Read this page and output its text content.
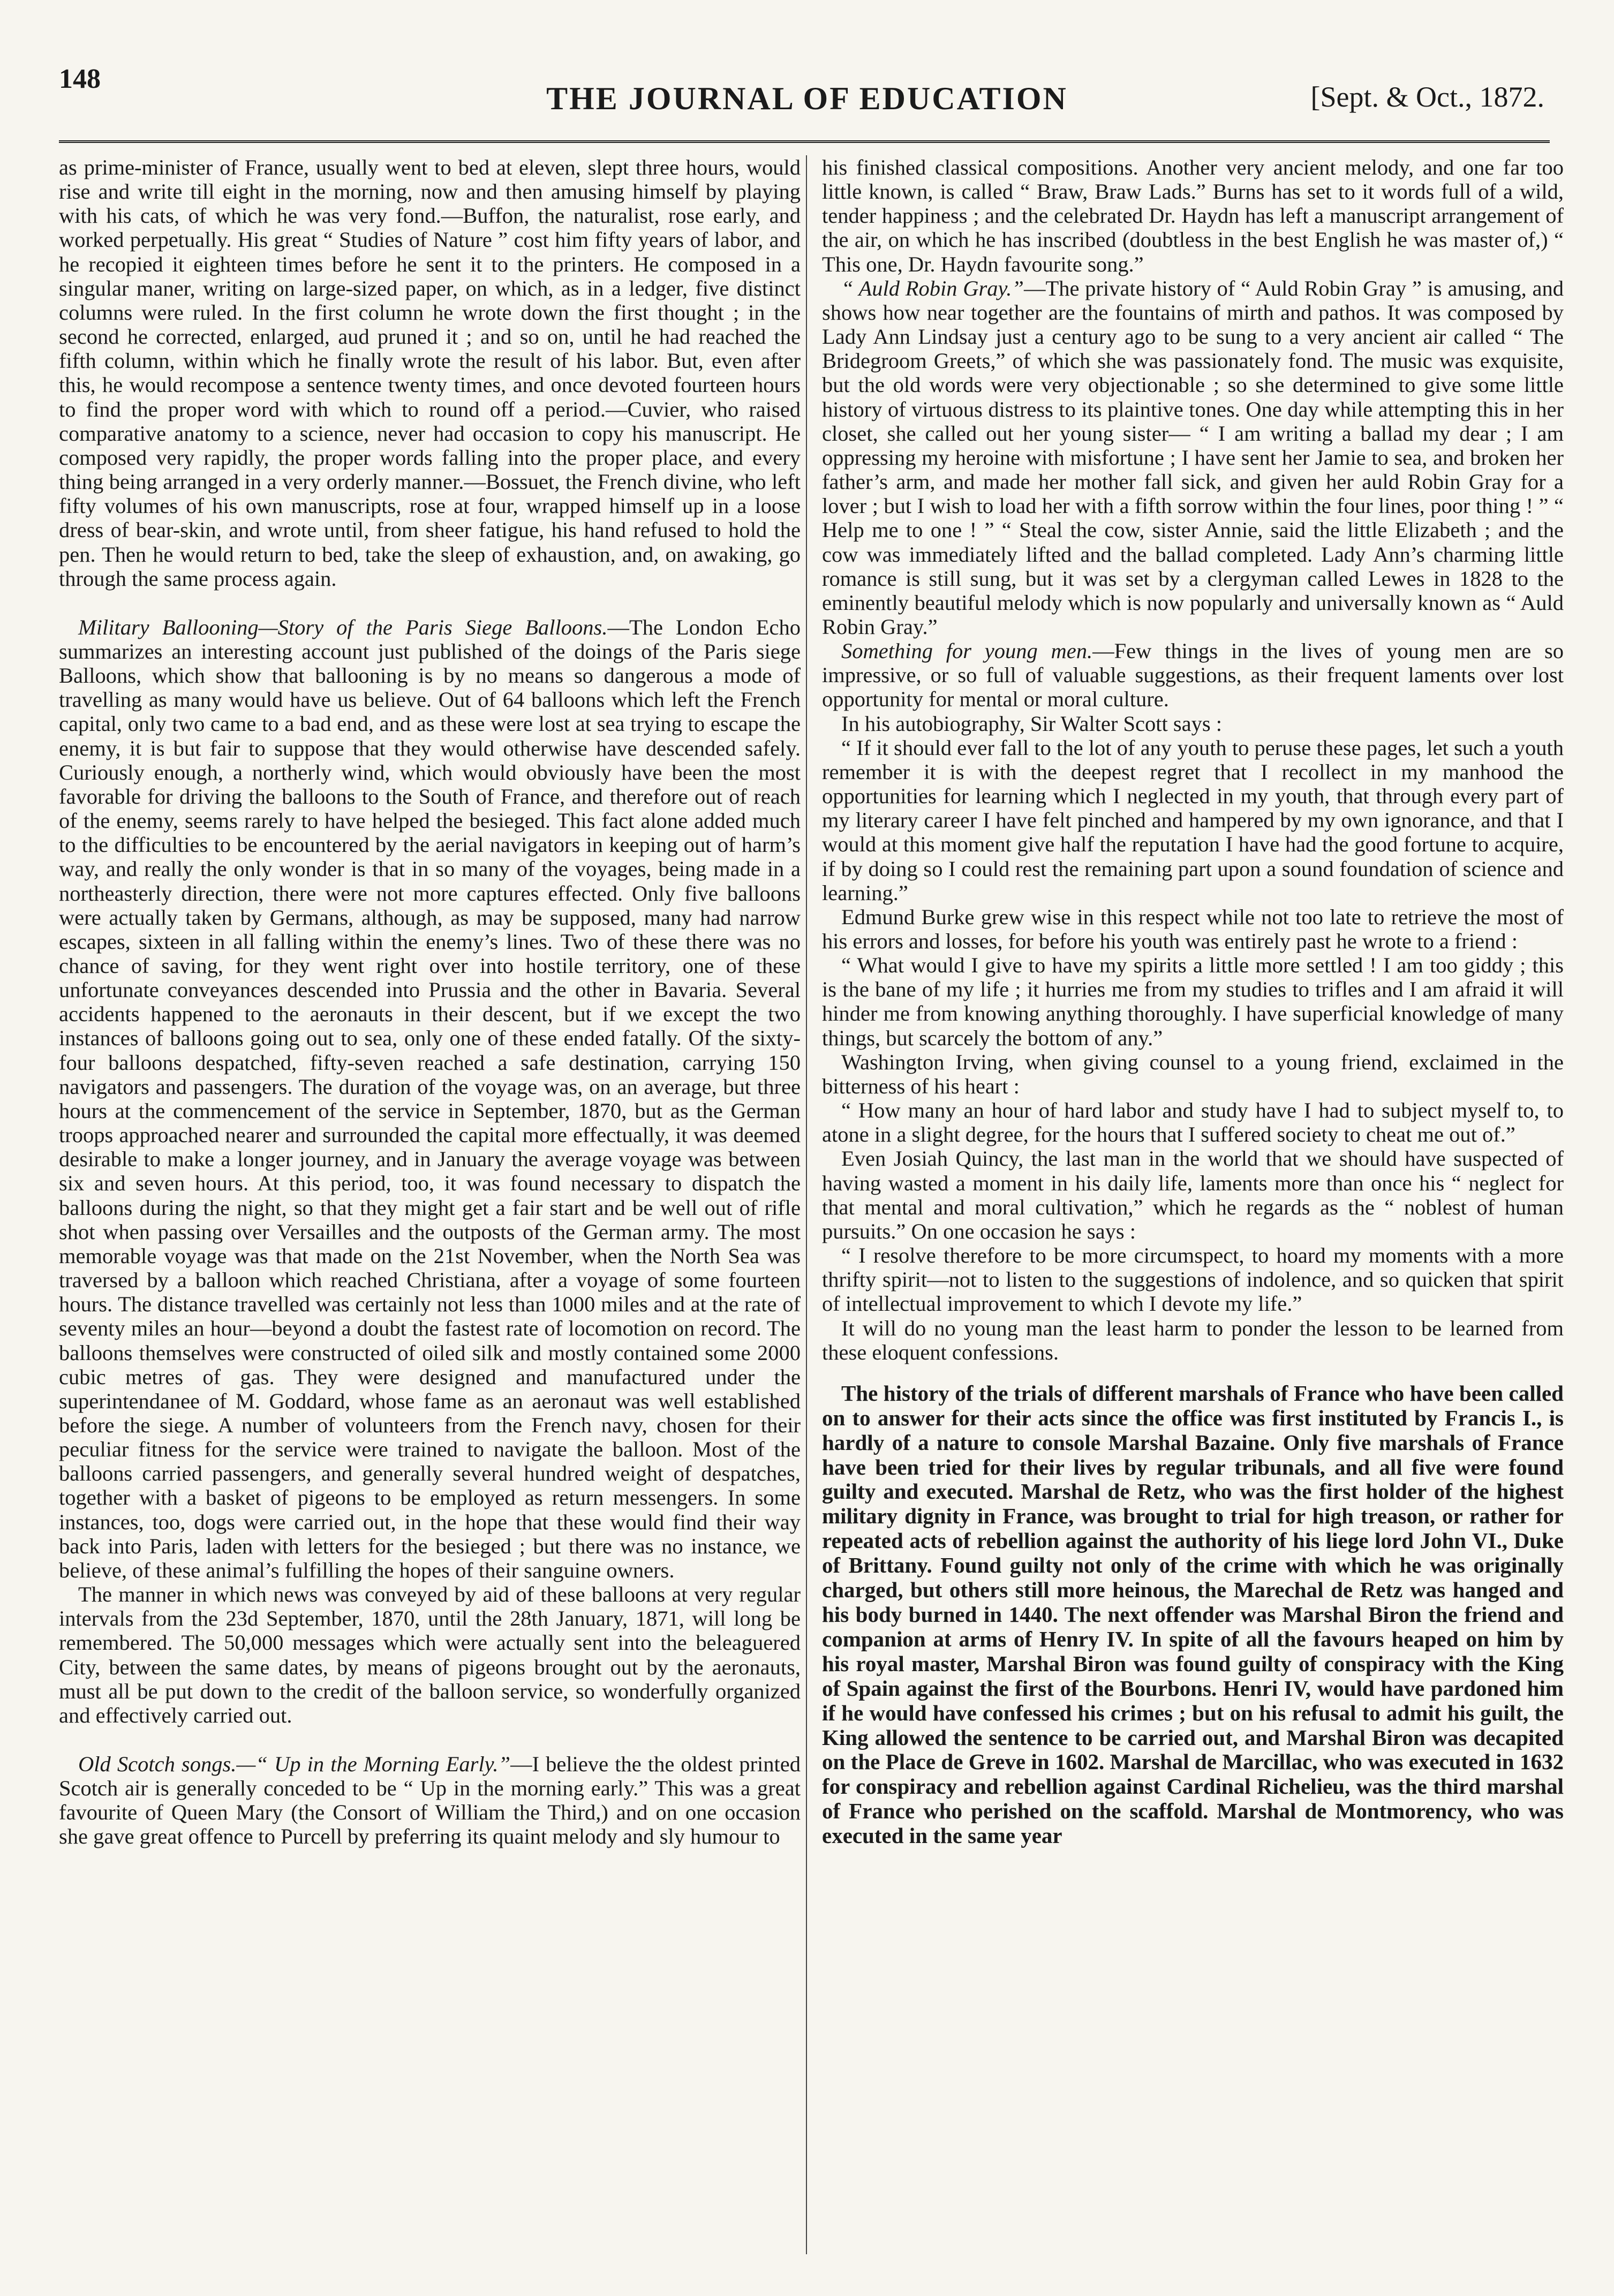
148
THE JOURNAL OF EDUCATION	[Sept. & Oct., 1872.

as prime-minister of France, usually went to bed at eleven, slept three hours, would rise and write till eight in the morning, now and then amusing himself by playing with his cats, of which he was very fond.—Buffon, the naturalist, rose early, and worked perpetually. His great “ Studies of Nature ” cost him fifty years of labor, and he recopied it eighteen times before he sent it to the printers. He composed in a singular maner, writing on large-sized paper, on which, as in a ledger, five distinct columns were ruled. In the first column he wrote down the first thought ; in the second he corrected, enlarged, aud pruned it ; and so on, until he had reached the fifth column, within which he finally wrote the result of his labor. But, even after this, he would recompose a sentence twenty times, and once devoted fourteen hours to find the proper word with which to round off a period.—Cuvier, who raised comparative anatomy to a science, never had occasion to copy his manuscript. He composed very rapidly, the proper words falling into the proper place, and every thing being arranged in a very orderly manner.—Bossuet, the French divine, who left fifty volumes of his own manuscripts, rose at four, wrapped himself up in a loose dress of bear-skin, and wrote until, from sheer fatigue, his hand refused to hold the pen. Then he would return to bed, take the sleep of exhaustion, and, on awaking, go through the same process again.

Military Ballooning—Story of the Paris Siege Balloons.—The London Echo summarizes an interesting account just published of the doings of the Paris siege Balloons, which show that ballooning is by no means so dangerous a mode of travelling as many would have us believe. Out of 64 balloons which left the French capital, only two came to a bad end, and as these were lost at sea trying to escape the enemy, it is but fair to suppose that they would otherwise have descended safely. Curiously enough, a northerly wind, which would obviously have been the most favorable for driving the balloons to the South of France, and therefore out of reach of the enemy, seems rarely to have helped the besieged. This fact alone added much to the difficulties to be encountered by the aerial navigators in keeping out of harm’s way, and really the only wonder is that in so many of the voyages, being made in a northeasterly direction, there were not more captures effected. Only five balloons were actually taken by Germans, although, as may be supposed, many had narrow escapes, sixteen in all falling within the enemy’s lines. Two of these there was no chance of saving, for they went right over into hostile territory, one of these unfortunate conveyances descended into Prussia and the other in Bavaria. Several accidents happened to the aeronauts in their descent, but if we except the two instances of balloons going out to sea, only one of these ended fatally. Of the sixty-four balloons despatched, fifty-seven reached a safe destination, carrying 150 navigators and passengers. The duration of the voyage was, on an average, but three hours at the commencement of the service in September, 1870, but as the German troops approached nearer and surrounded the capital more effectually, it was deemed desirable to make a longer journey, and in January the average voyage was between six and seven hours. At this period, too, it was found necessary to dispatch the balloons during the night, so that they might get a fair start and be well out of rifle shot when passing over Versailles and the outposts of the German army. The most memorable voyage was that made on the 21st November, when the North Sea was traversed by a balloon which reached Christiana, after a voyage of some fourteen hours. The distance travelled was certainly not less than 1000 miles and at the rate of seventy miles an hour—beyond a doubt the fastest rate of locomotion on record. The balloons themselves were constructed of oiled silk and mostly contained some 2000 cubic metres of gas. They were designed and manufactured under the superintendanee of M. Goddard, whose fame as an aeronaut was well established before the siege. A number of volunteers from the French navy, chosen for their peculiar fitness for the service were trained to navigate the balloon. Most of the balloons carried passengers, and generally several hundred weight of despatches, together with a basket of pigeons to be employed as return messengers. In some instances, too, dogs were carried out, in the hope that these would find their way back into Paris, laden with letters for the besieged ; but there was no instance, we believe, of these animal’s fulfilling the hopes of their sanguine owners.

The manner in which news was conveyed by aid of these balloons at very regular intervals from the 23d September, 1870, until the 28th January, 1871, will long be remembered. The 50,000 messages which were actually sent into the beleaguered City, between the same dates, by means of pigeons brought out by the aeronauts, must all be put down to the credit of the balloon service, so wonderfully organized and effectively carried out.

Old Scotch songs.—“ Up in the Morning Early.”—I believe the the oldest printed Scotch air is generally conceded to be “ Up in the morning early.” This was a great favourite of Queen Mary (the Consort of William the Third,) and on one occasion she gave great offence to Purcell by preferring its quaint melody and sly humour to

his finished classical compositions. Another very ancient melody, and one far too little known, is called “ Braw, Braw Lads.” Burns has set to it words full of a wild, tender happiness ; and the celebrated Dr. Haydn has left a manuscript arrangement of the air, on which he has inscribed (doubtless in the best English he was master of,) “ This one, Dr. Haydn favourite song.”

“ Auld Robin Gray.”—The private history of “ Auld Robin Gray ” is amusing, and shows how near together are the fountains of mirth and pathos. It was composed by Lady Ann Lindsay just a century ago to be sung to a very ancient air called “ The Bridegroom Greets,” of which she was passionately fond. The music was exquisite, but the old words were very objectionable ; so she determined to give some little history of virtuous distress to its plaintive tones. One day while attempting this in her closet, she called out her young sister— “ I am writing a ballad my dear ; I am oppressing my heroine with misfortune ; I have sent her Jamie to sea, and broken her father’s arm, and made her mother fall sick, and given her auld Robin Gray for a lover ; but I wish to load her with a fifth sorrow within the four lines, poor thing ! ” “ Help me to one ! ” “ Steal the cow, sister Annie, said the little Elizabeth ; and the cow was immediately lifted and the ballad completed. Lady Ann’s charming little romance is still sung, but it was set by a clergyman called Lewes in 1828 to the eminently beautiful melody which is now popularly and universally known as “ Auld Robin Gray.”

Something for young men.—Few things in the lives of young men are so impressive, or so full of valuable suggestions, as their frequent laments over lost opportunity for mental or moral culture.

In his autobiography, Sir Walter Scott says :

“ If it should ever fall to the lot of any youth to peruse these pages, let such a youth remember it is with the deepest regret that I recollect in my manhood the opportunities for learning which I neglected in my youth, that through every part of my literary career I have felt pinched and hampered by my own ignorance, and that I would at this moment give half the reputation I have had the good fortune to acquire, if by doing so I could rest the remaining part upon a sound foundation of science and learning.”

Edmund Burke grew wise in this respect while not too late to retrieve the most of his errors and losses, for before his youth was entirely past he wrote to a friend :

“ What would I give to have my spirits a little more settled ! I am too giddy ; this is the bane of my life ; it hurries me from my studies to trifles and I am afraid it will hinder me from knowing anything thoroughly. I have superficial knowledge of many things, but scarcely the bottom of any.”

Washington Irving, when giving counsel to a young friend, exclaimed in the bitterness of his heart :

“ How many an hour of hard labor and study have I had to subject myself to, to atone in a slight degree, for the hours that I suffered society to cheat me out of.”

Even Josiah Quincy, the last man in the world that we should have suspected of having wasted a moment in his daily life, laments more than once his “ neglect for that mental and moral cultivation,” which he regards as the “ noblest of human pursuits.” On one occasion he says :

“ I resolve therefore to be more circumspect, to hoard my moments with a more thrifty spirit—not to listen to the suggestions of indolence, and so quicken that spirit of intellectual improvement to which I devote my life.”

It will do no young man the least harm to ponder the lesson to be learned from these eloquent confessions.

The history of the trials of different marshals of France who have been called on to answer for their acts since the office was first instituted by Francis I., is hardly of a nature to console Marshal Bazaine. Only five marshals of France have been tried for their lives by regular tribunals, and all five were found guilty and executed. Marshal de Retz, who was the first holder of the highest military dignity in France, was brought to trial for high treason, or rather for repeated acts of rebellion against the authority of his liege lord John VI., Duke of Brittany. Found guilty not only of the crime with which he was originally charged, but others still more heinous, the Marechal de Retz was hanged and his body burned in 1440. The next offender was Marshal Biron the friend and companion at arms of Henry IV. In spite of all the favours heaped on him by his royal master, Marshal Biron was found guilty of conspiracy with the King of Spain against the first of the Bourbons. Henri IV, would have pardoned him if he would have confessed his crimes ; but on his refusal to admit his guilt, the King allowed the sentence to be carried out, and Marshal Biron was decapited on the Place de Greve in 1602. Marshal de Marcillac, who was executed in 1632 for conspiracy and rebellion against Cardinal Richelieu, was the third marshal of France who perished on the scaffold. Marshal de Montmorency, who was executed in the same year
